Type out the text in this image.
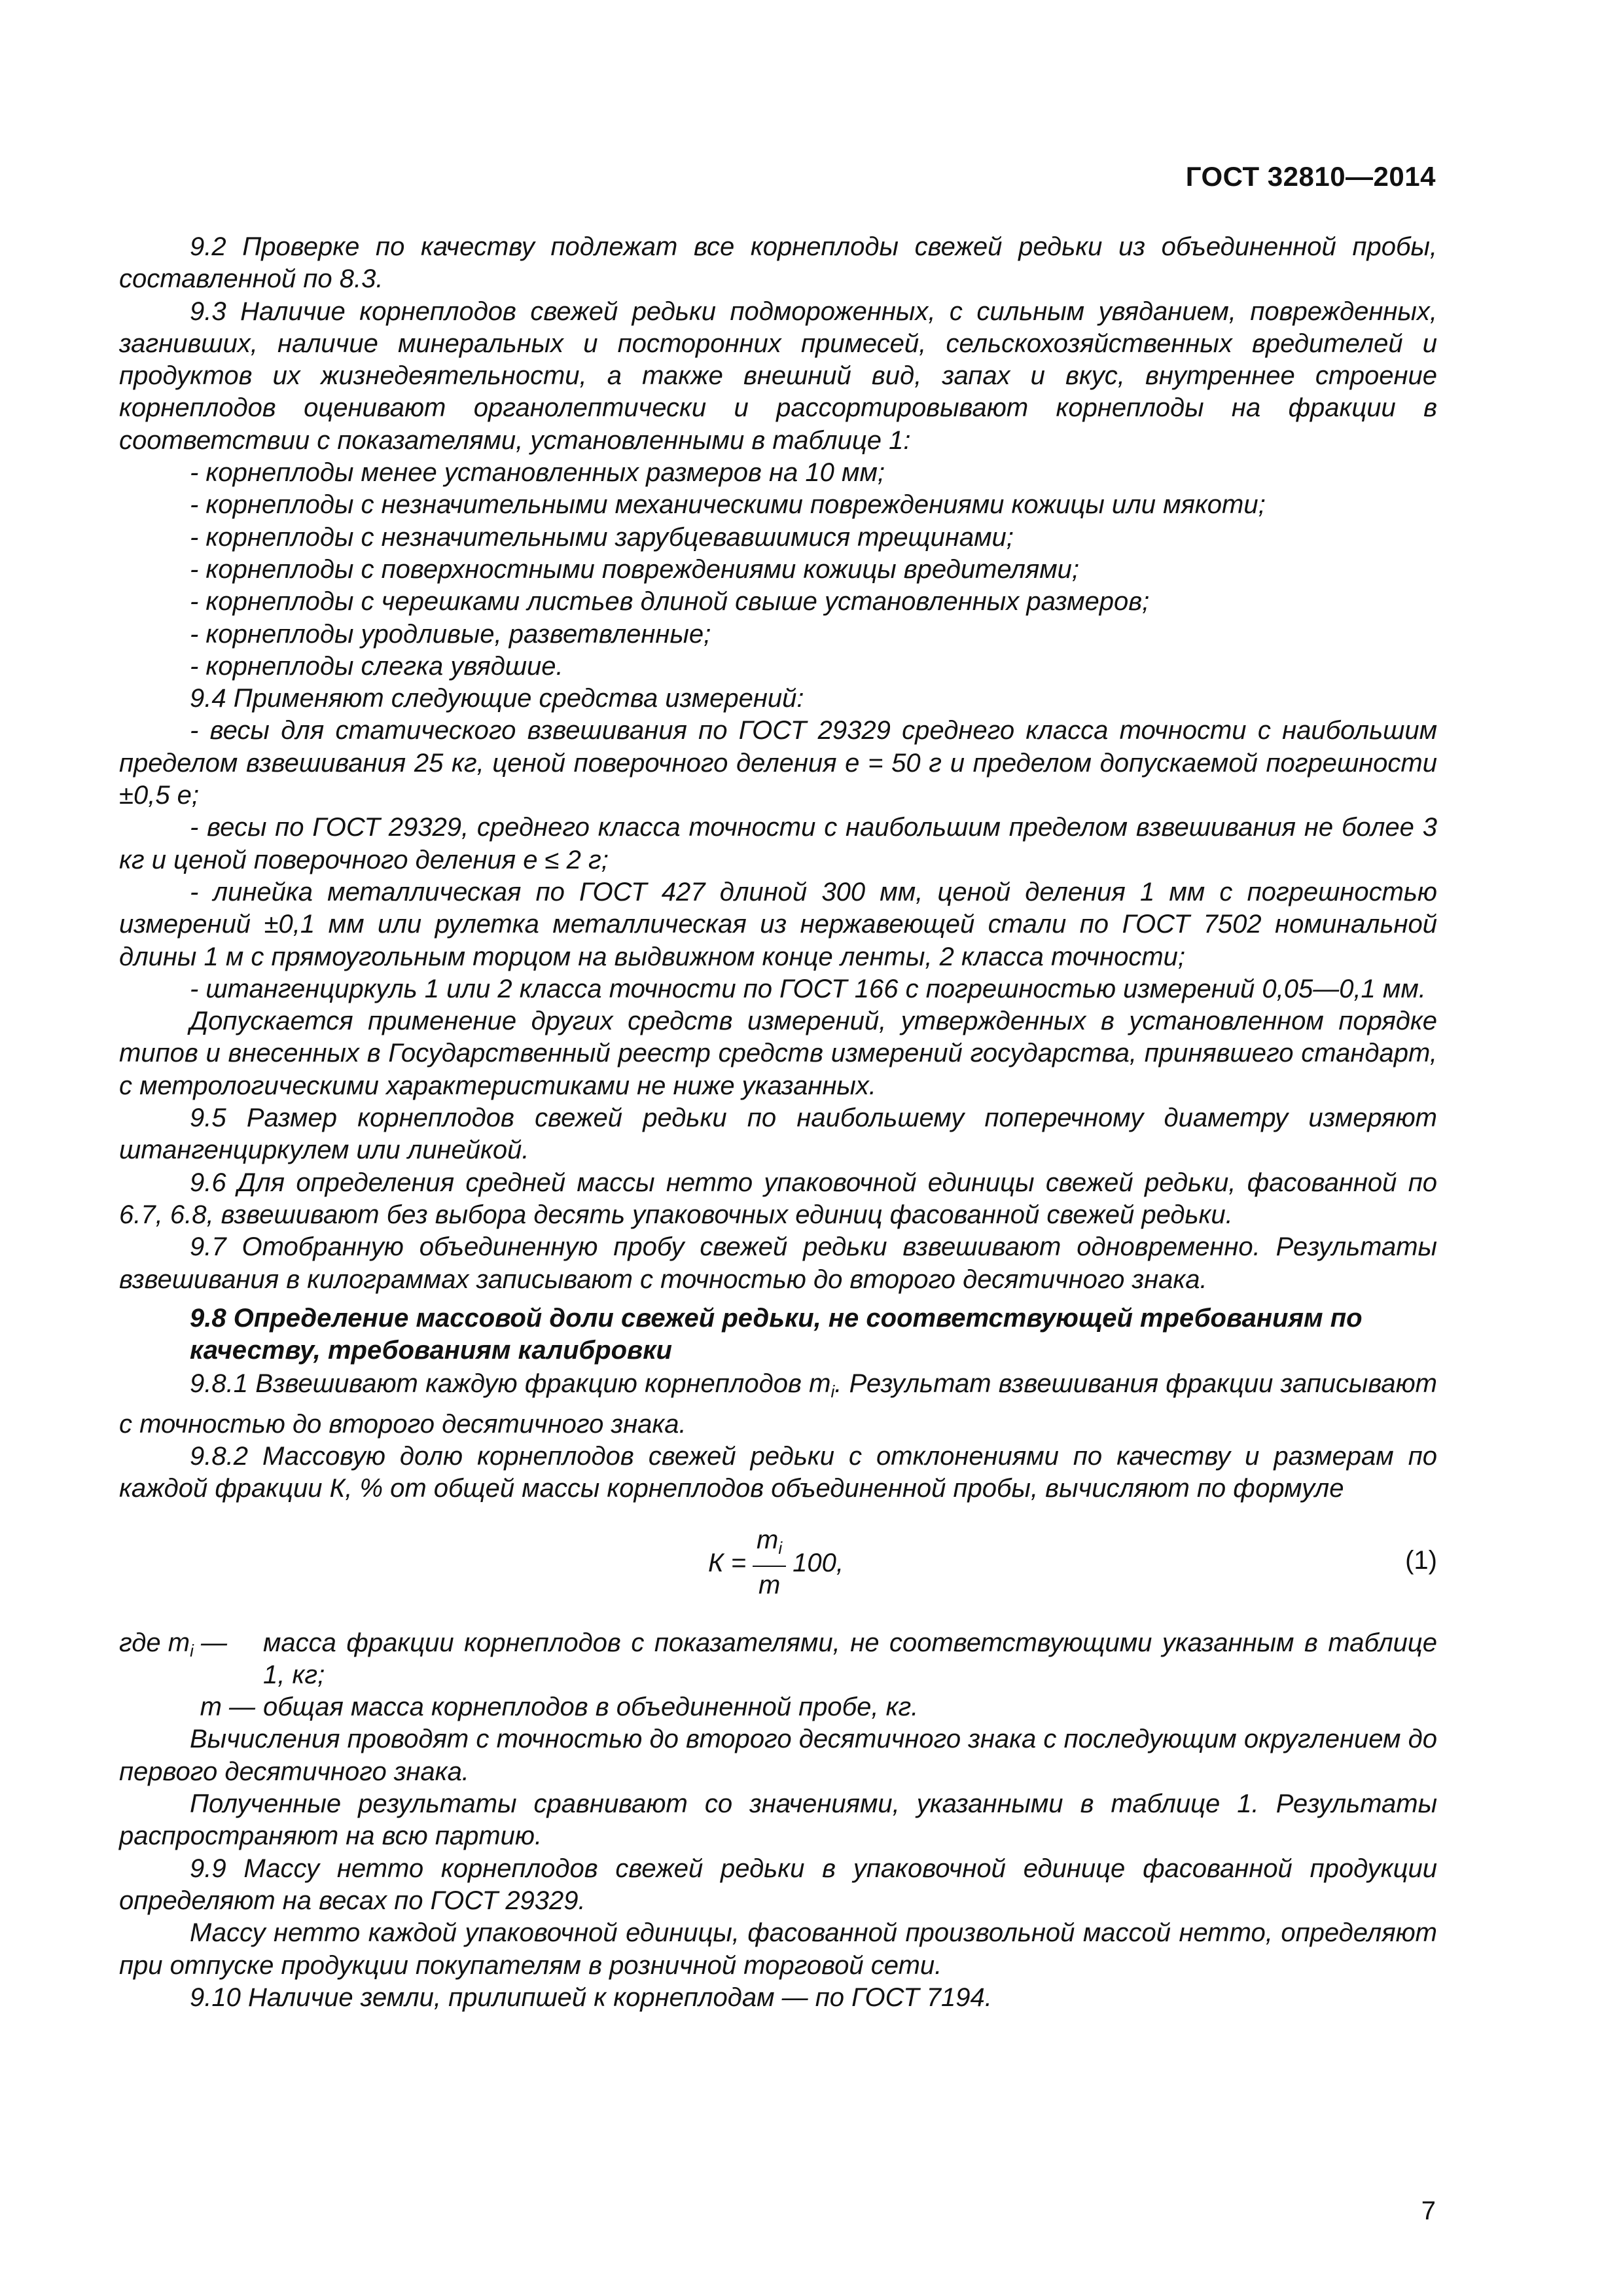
ГОСТ 32810—2014

9.2 Проверке по качеству подлежат все корнеплоды свежей редьки из объединенной пробы, составленной по 8.3.

9.3 Наличие корнеплодов свежей редьки подмороженных, с сильным увяданием, поврежденных, загнивших, наличие минеральных и посторонних примесей, сельскохозяйственных вредителей и продуктов их жизнедеятельности, а также внешний вид, запах и вкус, внутреннее строение корнеплодов оценивают органолептически и рассортировывают корнеплоды на фракции в соответствии с показателями, установленными в таблице 1:

- корнеплоды менее установленных размеров на 10 мм;

- корнеплоды с незначительными механическими повреждениями кожицы или мякоти;

- корнеплоды с незначительными зарубцевавшимися трещинами;

- корнеплоды с поверхностными повреждениями кожицы вредителями;

- корнеплоды с черешками листьев длиной свыше установленных размеров;

- корнеплоды уродливые, разветвленные;

- корнеплоды слегка увядшие.

9.4 Применяют следующие средства измерений:

- весы для статического взвешивания по ГОСТ 29329 среднего класса точности с наибольшим пределом взвешивания 25 кг, ценой поверочного деления е = 50 г и пределом допускаемой погрешности ±0,5 е;

- весы по ГОСТ 29329, среднего класса точности с наибольшим пределом взвешивания не более 3 кг и ценой поверочного деления е ≤ 2 г;

- линейка металлическая по ГОСТ 427 длиной 300 мм, ценой деления 1 мм с погрешностью измерений ±0,1 мм или рулетка металлическая из нержавеющей стали по ГОСТ 7502 номинальной длины 1 м с прямоугольным торцом на выдвижном конце ленты, 2 класса точности;

- штангенциркуль 1 или 2 класса точности по ГОСТ 166 с погрешностью измерений 0,05—0,1 мм.

Допускается применение других средств измерений, утвержденных в установленном порядке типов и внесенных в Государственный реестр средств измерений государства, принявшего стандарт, с метрологическими характеристиками не ниже указанных.

9.5 Размер корнеплодов свежей редьки по наибольшему поперечному диаметру измеряют штангенциркулем или линейкой.

9.6 Для определения средней массы нетто упаковочной единицы свежей редьки, фасованной по 6.7, 6.8, взвешивают без выбора десять упаковочных единиц фасованной свежей редьки.

9.7 Отобранную объединенную пробу свежей редьки взвешивают одновременно. Результаты взвешивания в килограммах записывают с точностью до второго десятичного знака.

9.8 Определение массовой доли свежей редьки, не соответствующей требованиям по качеству, требованиям калибровки

9.8.1 Взвешивают каждую фракцию корнеплодов $m_i$. Результат взвешивания фракции записывают с точностью до второго десятичного знака.

9.8.2 Массовую долю корнеплодов свежей редьки с отклонениями по качеству и размерам по каждой фракции К, % от общей массы корнеплодов объединенной пробы, вычисляют по формуле

$К = \frac{m_i}{m} 100$,	(1)
где $m_i$ —	масса фракции корнеплодов с показателями, не соответствующими указанным в таблице 1, кг;
m — общая масса корнеплодов в объединенной пробе, кг.

Вычисления проводят с точностью до второго десятичного знака с последующим округлением до первого десятичного знака.

Полученные результаты сравнивают со значениями, указанными в таблице 1. Результаты распространяют на всю партию.

9.9 Массу нетто корнеплодов свежей редьки в упаковочной единице фасованной продукции определяют на весах по ГОСТ 29329.

Массу нетто каждой упаковочной единицы, фасованной произвольной массой нетто, определяют при отпуске продукции покупателям в розничной торговой сети.

9.10 Наличие земли, прилипшей к корнеплодам — по ГОСТ 7194.

7
